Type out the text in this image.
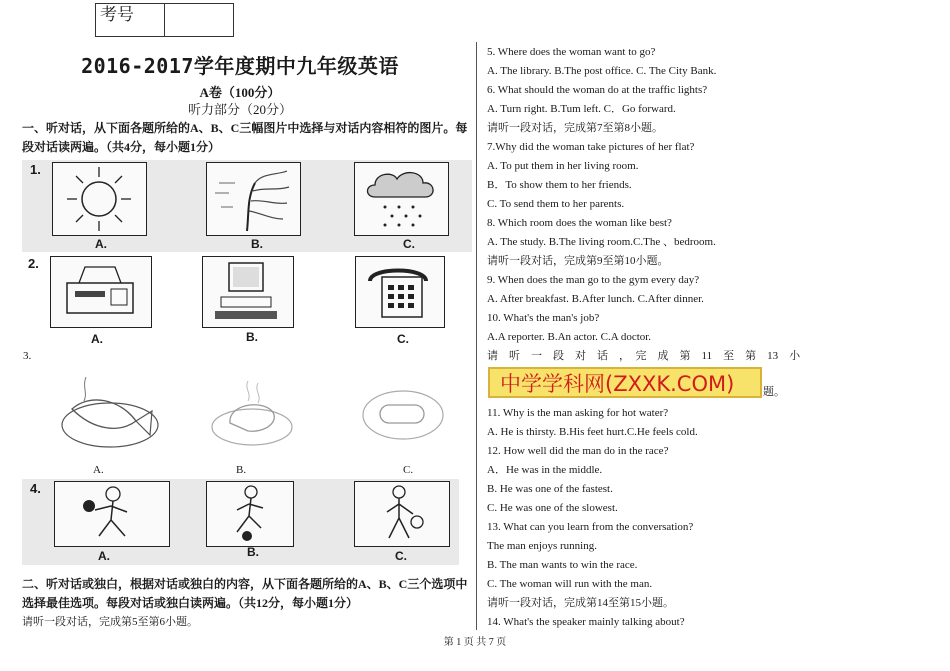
考号
2016-2017学年度期中九年级英语
A卷（100分）
听力部分（20分）
一、听对话，从下面各题所给的A、B、C三幅图片中选择与对话内容相符的图片。每段对话读两遍。（共4分，每小题1分）
1.
A.	B.	C.
2.
A.	B.	C.
3.
A.	B.	C.
4.
A.	B.	C.
二、听对话或独白，根据对话或独白的内容，从下面各题所给的A、B、C三个选项中选择最佳选项。每段对话或独白读两遍。（共12分，每小题1分）
请听一段对话，完成第5至第6小题。
5. Where does the woman want to go?
A. The library. B.The post office. C. The City Bank.
6. What should the woman do at the traffic lights?
A. Turn right. B.Tum left. C．Go forward.
请听一段对话，完成第7至第8小题。
7.Why did the woman take pictures of her flat?
A. To put them in her living room.
B．To show them to her friends.
C. To send them to her parents.
8. Which room does the woman like best?
A. The study. B.The living room.C.The 、bedroom.
请听一段对话，完成第9至第10小题。
9. When does the man go to the gym every day?
A. After breakfast. B.After lunch. C.After dinner.
10. What's the man's job?
A.A reporter. B.An actor. C.A doctor.
请　听　一　段　对　话　，　完　成　第　11　至　第　13　小
中学学科网(ZXXK.COM)	题。
11. Why is the man asking for hot water?
A. He is thirsty. B.His feet hurt.C.He feels cold.
12. How well did the man do in the race?
A．He was in the middle.
B. He was one of the fastest.
C. He was one of the slowest.
13. What can you learn from the conversation?
The man enjoys running.
B. The man wants to win the race.
C. The woman will run with the man.
请听一段对话，完成第14至第15小题。
14. What's the speaker mainly talking about?
第 1 页 共 7 页
